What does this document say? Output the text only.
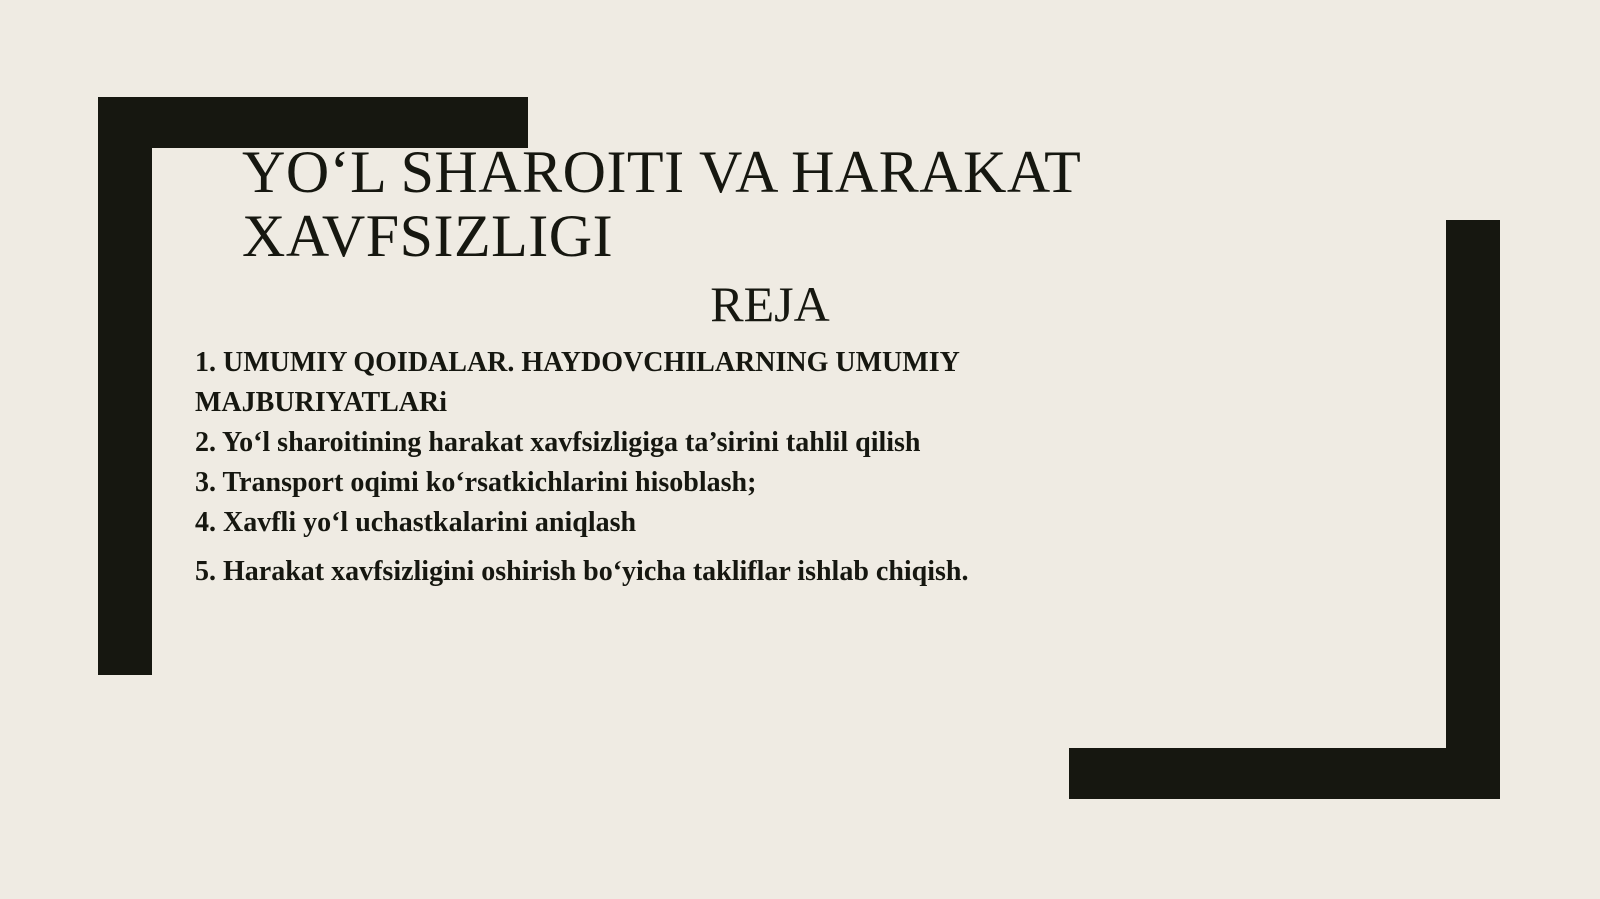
YO‘L SHAROITI VA HARAKAT
XAVFSIZLIGI
REJA
1. UMUMIY QOIDALAR. HAYDOVCHILARNING UMUMIY
MAJBURIYATLARi
2. Yo‘l sharoitining harakat xavfsizligiga ta’sirini tahlil qilish
3. Transport oqimi ko‘rsatkichlarini hisoblash;
4. Xavfli yo‘l uchastkalarini aniqlash
5. Harakat xavfsizligini oshirish bo‘yicha takliflar ishlab chiqish.
